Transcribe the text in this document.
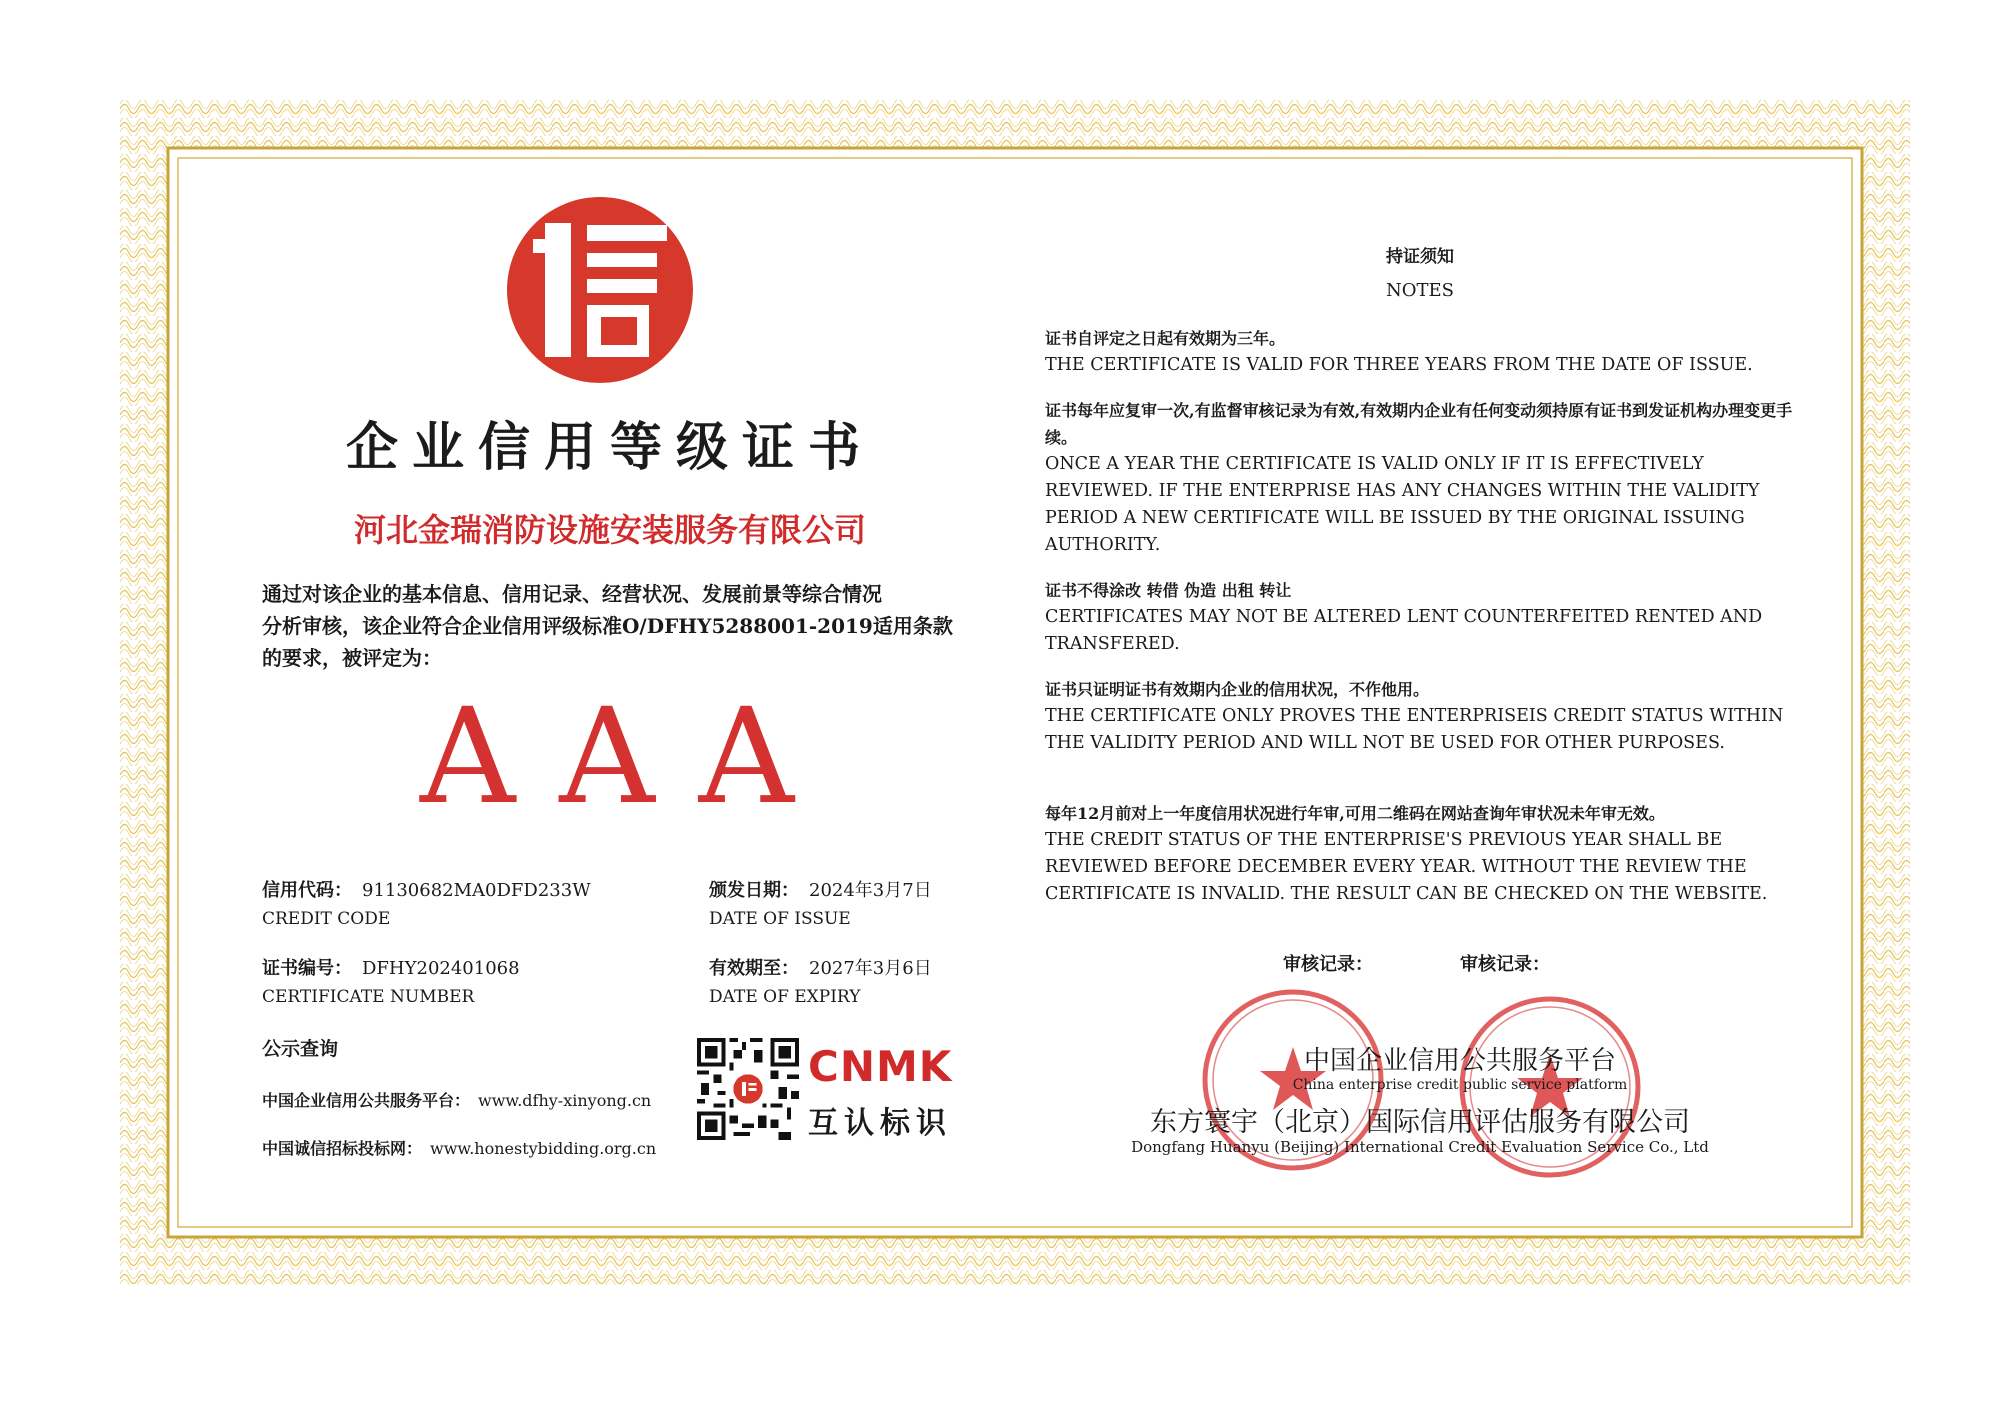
企业信用等级证书
河北金瑞消防设施安装服务有限公司
通过对该企业的基本信息、信用记录、经营状况、发展前景等综合情况
分析审核，该企业符合企业信用评级标准O/DFHY5288001-2019适用条款
的要求，被评定为：
AAA
信用代码： 91130682MA0DFD233W
CREDIT CODE
颁发日期： 2024年3月7日
DATE OF ISSUE
证书编号： DFHY202401068
CERTIFICATE NUMBER
有效期至： 2027年3月6日
DATE OF EXPIRY
公示查询
中国企业信用公共服务平台： www.dfhy-xinyong.cn
中国诚信招标投标网： www.honestybidding.org.cn
CNMK
互认标识
持证须知
NOTES
证书自评定之日起有效期为三年。
THE CERTIFICATE IS VALID FOR THREE YEARS FROM THE DATE OF ISSUE.
证书每年应复审一次,有监督审核记录为有效,有效期内企业有任何变动须持原有证书到发证机构办理变更手续。
ONCE A YEAR THE CERTIFICATE IS VALID ONLY IF IT IS EFFECTIVELY REVIEWED. IF THE ENTERPRISE HAS ANY CHANGES WITHIN THE VALIDITY PERIOD A NEW CERTIFICATE WILL BE ISSUED BY THE ORIGINAL ISSUING AUTHORITY.
证书不得涂改 转借 伪造 出租 转让
CERTIFICATES MAY NOT BE ALTERED LENT COUNTERFEITED RENTED AND TRANSFERED.
证书只证明证书有效期内企业的信用状况，不作他用。
THE CERTIFICATE ONLY PROVES THE ENTERPRISEIS CREDIT STATUS WITHIN THE VALIDITY PERIOD AND WILL NOT BE USED FOR OTHER PURPOSES.
每年12月前对上一年度信用状况进行年审,可用二维码在网站查询年审状况未年审无效。
THE CREDIT STATUS OF THE ENTERPRISE'S PREVIOUS YEAR SHALL BE REVIEWED BEFORE DECEMBER EVERY YEAR. WITHOUT THE REVIEW THE CERTIFICATE IS INVALID. THE RESULT CAN BE CHECKED ON THE WEBSITE.
审核记录：	审核记录：
中国企业信用公共服务平台
China enterprise credit public service platform
东方寰宇（北京）国际信用评估服务有限公司
Dongfang Huanyu (Beijing) International Credit Evaluation Service Co., Ltd
